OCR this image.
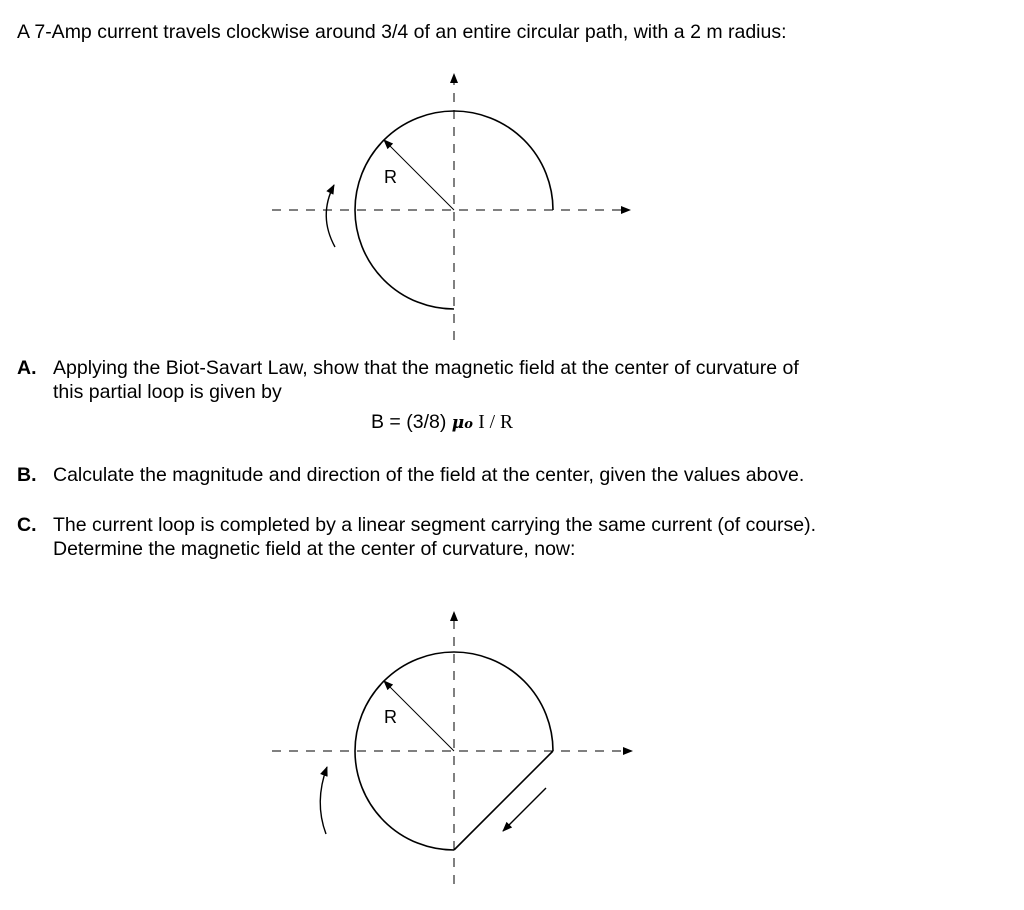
A 7-Amp current travels clockwise around 3/4 of an entire circular path, with a 2 m radius:
R
A. Applying the Biot-Savart Law, show that the magnetic field at the center of curvature of
this partial loop is given by
B = (3/8) μo I / R
B. Calculate the magnitude and direction of the field at the center, given the values above.
C. The current loop is completed by a linear segment carrying the same current (of course).
Determine the magnetic field at the center of curvature, now:
R
